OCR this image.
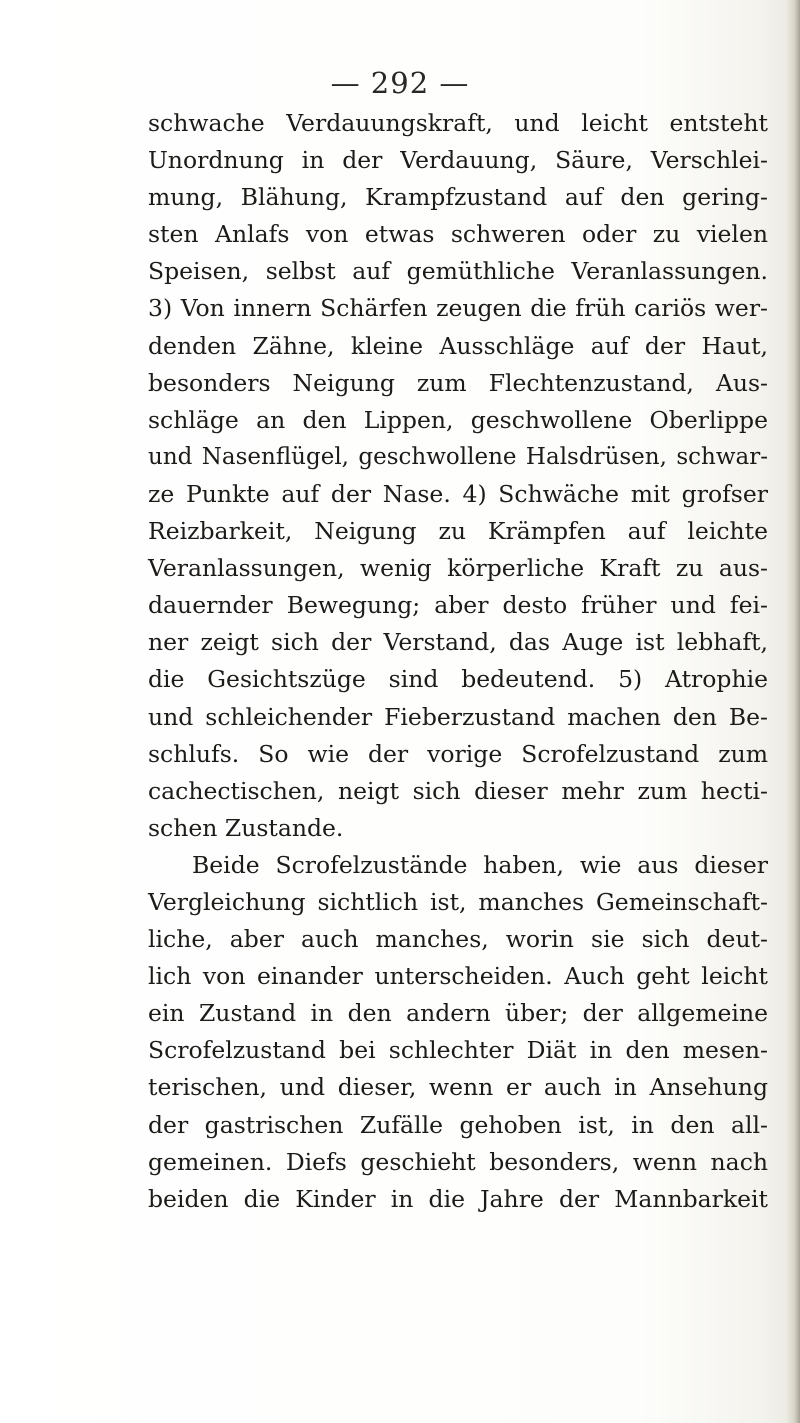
— 292 —
schwache Verdauungskraft, und leicht entsteht
Unordnung in der Verdauung, Säure, Verschlei-
mung, Blähung, Krampfzustand auf den gering-
sten Anlafs von etwas schweren oder zu vielen
Speisen, selbst auf gemüthliche Veranlassungen.
3) Von innern Schärfen zeugen die früh cariös wer-
denden Zähne, kleine Ausschläge auf der Haut,
besonders Neigung zum Flechtenzustand, Aus-
schläge an den Lippen, geschwollene Oberlippe
und Nasenflügel, geschwollene Halsdrüsen, schwar-
ze Punkte auf der Nase. 4) Schwäche mit grofser
Reizbarkeit, Neigung zu Krämpfen auf leichte
Veranlassungen, wenig körperliche Kraft zu aus-
dauernder Bewegung; aber desto früher und fei-
ner zeigt sich der Verstand, das Auge ist lebhaft,
die Gesichtszüge sind bedeutend. 5) Atrophie
und schleichender Fieberzustand machen den Be-
schlufs. So wie der vorige Scrofelzustand zum
cachectischen, neigt sich dieser mehr zum hecti-
schen Zustande.
Beide Scrofelzustände haben, wie aus dieser
Vergleichung sichtlich ist, manches Gemeinschaft-
liche, aber auch manches, worin sie sich deut-
lich von einander unterscheiden. Auch geht leicht
ein Zustand in den andern über; der allgemeine
Scrofelzustand bei schlechter Diät in den mesen-
terischen, und dieser, wenn er auch in Ansehung
der gastrischen Zufälle gehoben ist, in den all-
gemeinen. Diefs geschieht besonders, wenn nach
beiden die Kinder in die Jahre der Mannbarkeit
